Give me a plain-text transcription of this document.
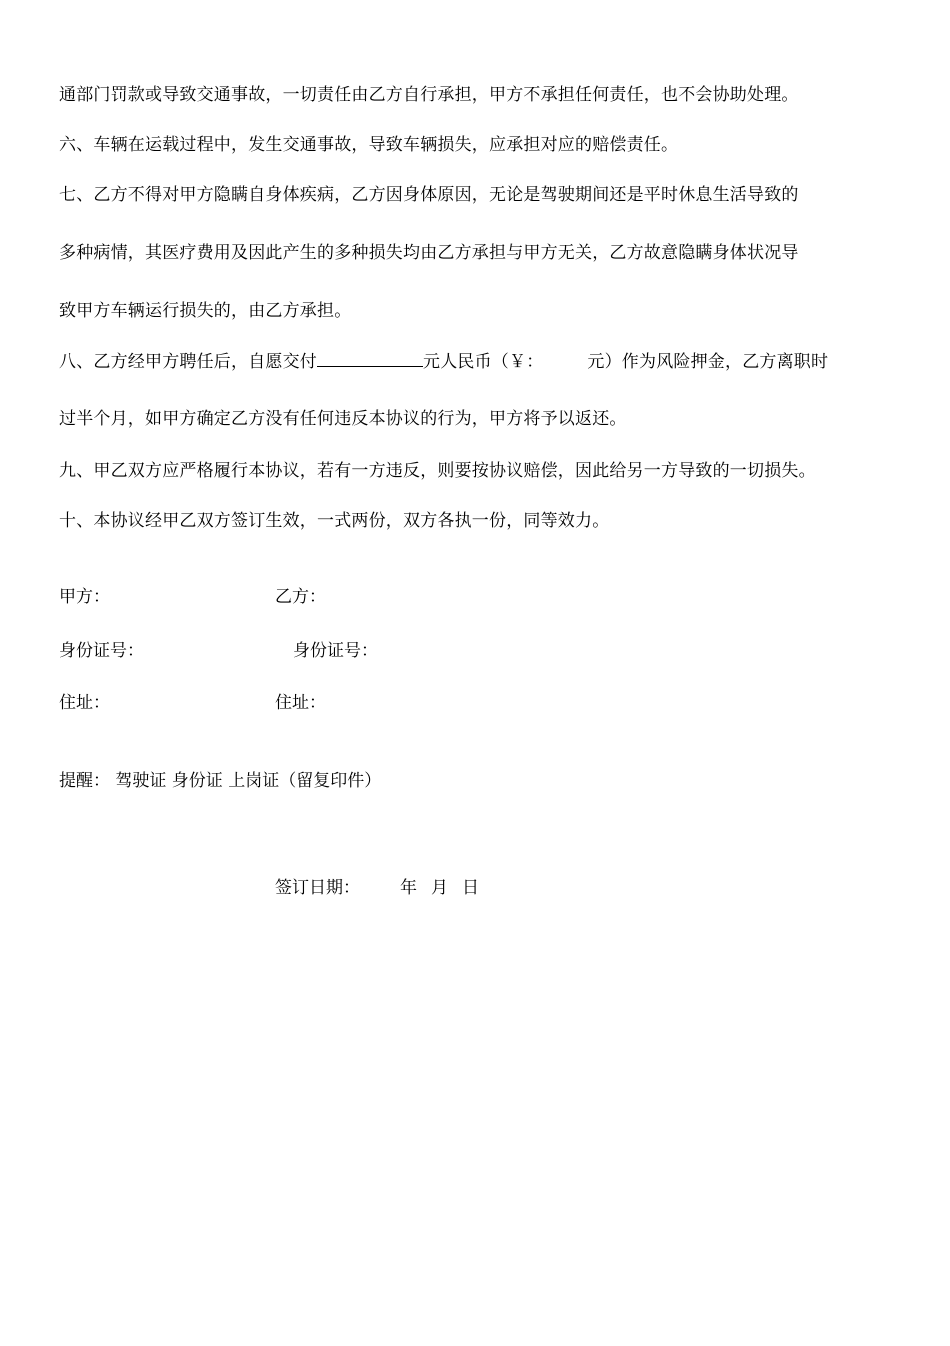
通部门罚款或导致交通事故，一切责任由乙方自行承担，甲方不承担任何责任，也不会协助处理。
六、车辆在运载过程中，发生交通事故，导致车辆损失，应承担对应的赔偿责任。
七、乙方不得对甲方隐瞒自身体疾病，乙方因身体原因，无论是驾驶期间还是平时休息生活导致的
多种病情，其医疗费用及因此产生的多种损失均由乙方承担与甲方无关，乙方故意隐瞒身体状况导
致甲方车辆运行损失的，由乙方承担。
八、乙方经甲方聘任后，自愿交付	元人民币（￥：	元）作为风险押金，乙方离职时
过半个月，如甲方确定乙方没有任何违反本协议的行为，甲方将予以返还。
九、甲乙双方应严格履行本协议，若有一方违反，则要按协议赔偿，因此给另一方导致的一切损失。
十、本协议经甲乙双方签订生效，一式两份，双方各执一份，同等效力。
甲方：	乙方：
身份证号：	身份证号：
住址：	住址：
提醒： 驾驶证 身份证 上岗证（留复印件）
签订日期： 年 月 日
